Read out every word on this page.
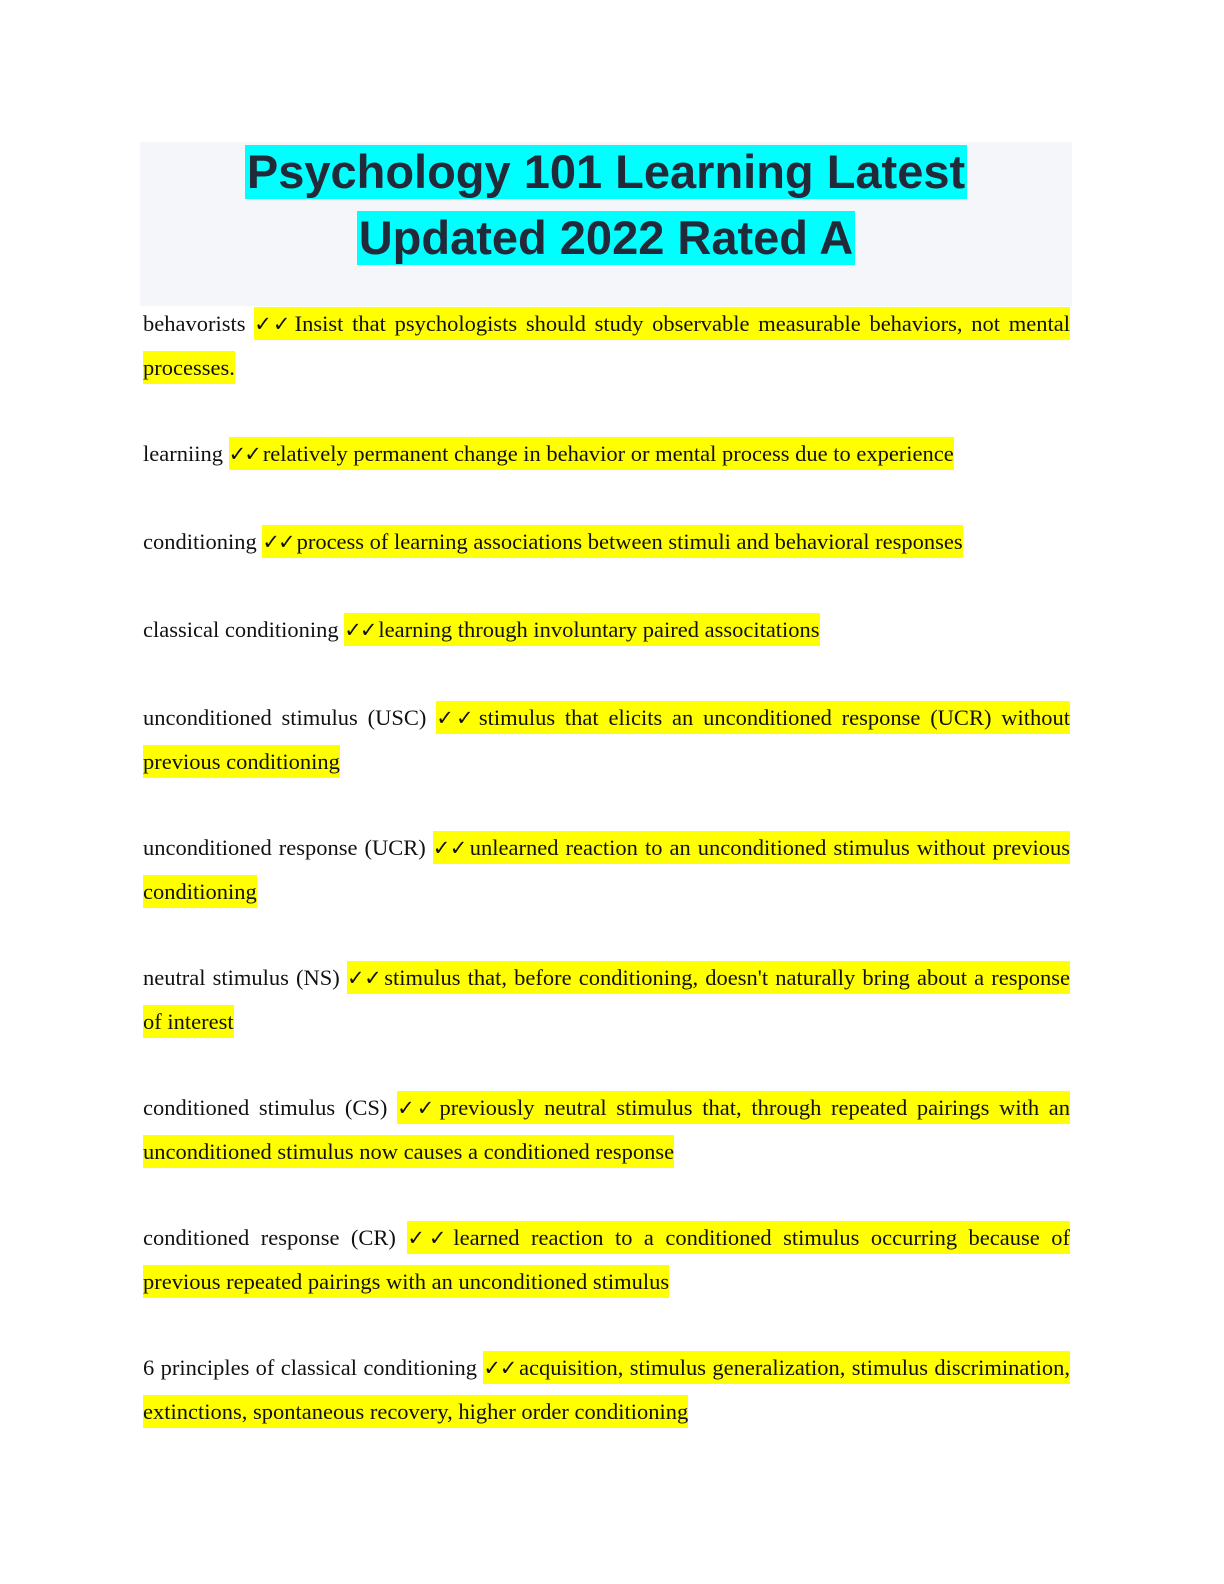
Psychology 101 Learning Latest
Updated 2022 Rated A

behavorists ✓✓ Insist that psychologists should study observable measurable behaviors, not mental processes.

learniing ✓✓ relatively permanent change in behavior or mental process due to experience

conditioning ✓✓ process of learning associations between stimuli and behavioral responses

classical conditioning ✓✓ learning through involuntary paired associtations

unconditioned stimulus (USC) ✓✓ stimulus that elicits an unconditioned response (UCR) without previous conditioning

unconditioned response (UCR) ✓✓ unlearned reaction to an unconditioned stimulus without previous conditioning

neutral stimulus (NS) ✓✓ stimulus that, before conditioning, doesn't naturally bring about a response of interest

conditioned stimulus (CS) ✓✓ previously neutral stimulus that, through repeated pairings with an unconditioned stimulus now causes a conditioned response

conditioned response (CR) ✓✓ learned reaction to a conditioned stimulus occurring because of previous repeated pairings with an unconditioned stimulus

6 principles of classical conditioning ✓✓ acquisition, stimulus generalization, stimulus discrimination, extinctions, spontaneous recovery, higher order conditioning
